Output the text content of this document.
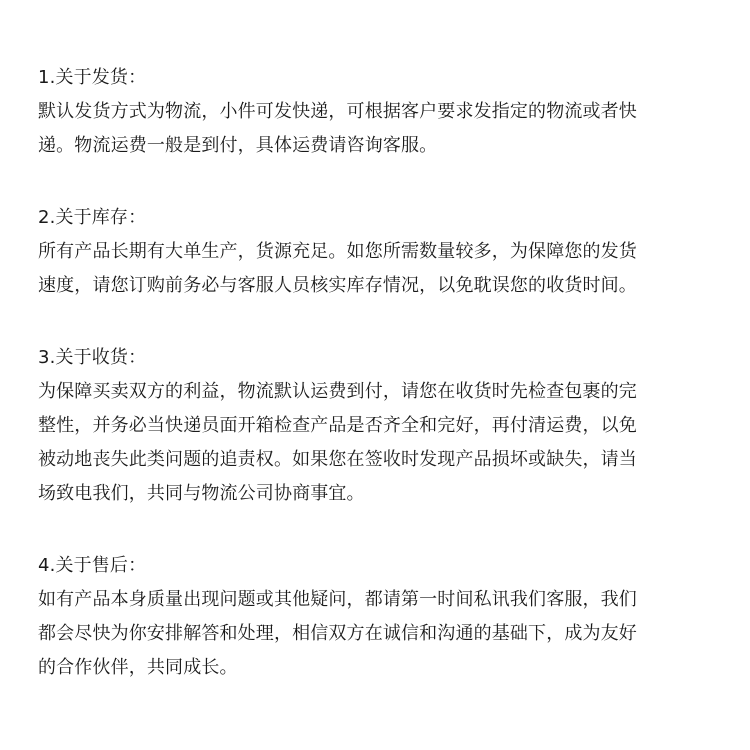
1.关于发货：
默认发货方式为物流，小件可发快递，可根据客户要求发指定的物流或者快
递。物流运费一般是到付，具体运费请咨询客服。
2.关于库存：
所有产品长期有大单生产，货源充足。如您所需数量较多，为保障您的发货
速度，请您订购前务必与客服人员核实库存情况，以免耽误您的收货时间。
3.关于收货：
为保障买卖双方的利益，物流默认运费到付，请您在收货时先检查包裹的完
整性，并务必当快递员面开箱检查产品是否齐全和完好，再付清运费，以免
被动地丧失此类问题的追责权。如果您在签收时发现产品损坏或缺失，请当
场致电我们，共同与物流公司协商事宜。
4.关于售后：
如有产品本身质量出现问题或其他疑问，都请第一时间私讯我们客服，我们
都会尽快为你安排解答和处理，相信双方在诚信和沟通的基础下，成为友好
的合作伙伴，共同成长。
